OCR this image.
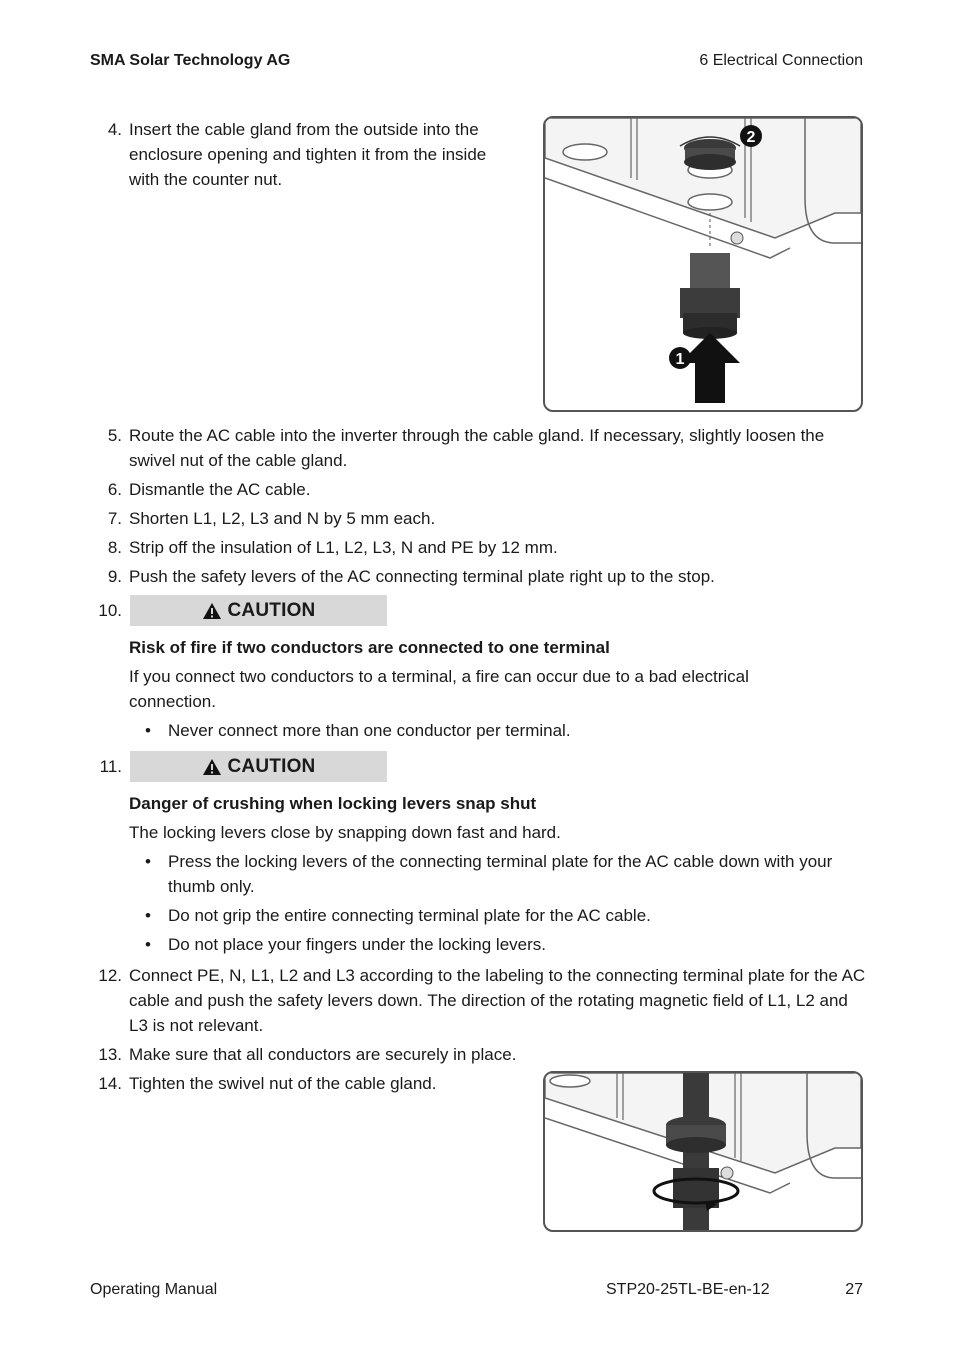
SMA Solar Technology AG	6 Electrical Connection
4. Insert the cable gland from the outside into the enclosure opening and tighten it from the inside with the counter nut.
2
1
5. Route the AC cable into the inverter through the cable gland. If necessary, slightly loosen the swivel nut of the cable gland.
6. Dismantle the AC cable.
7. Shorten L1, L2, L3 and N by 5 mm each.
8. Strip off the insulation of L1, L2, L3, N and PE by 12 mm.
9. Push the safety levers of the AC connecting terminal plate right up to the stop.
10.	CAUTION
Risk of fire if two conductors are connected to one terminal
If you connect two conductors to a terminal, a fire can occur due to a bad electrical connection.
• Never connect more than one conductor per terminal.
11.	CAUTION
Danger of crushing when locking levers snap shut
The locking levers close by snapping down fast and hard.
• Press the locking levers of the connecting terminal plate for the AC cable down with your thumb only.
• Do not grip the entire connecting terminal plate for the AC cable.
• Do not place your fingers under the locking levers.
12. Connect PE, N, L1, L2 and L3 according to the labeling to the connecting terminal plate for the AC cable and push the safety levers down. The direction of the rotating magnetic field of L1, L2 and L3 is not relevant.
13. Make sure that all conductors are securely in place.
14. Tighten the swivel nut of the cable gland.
Operating Manual	STP20-25TL-BE-en-12	27
